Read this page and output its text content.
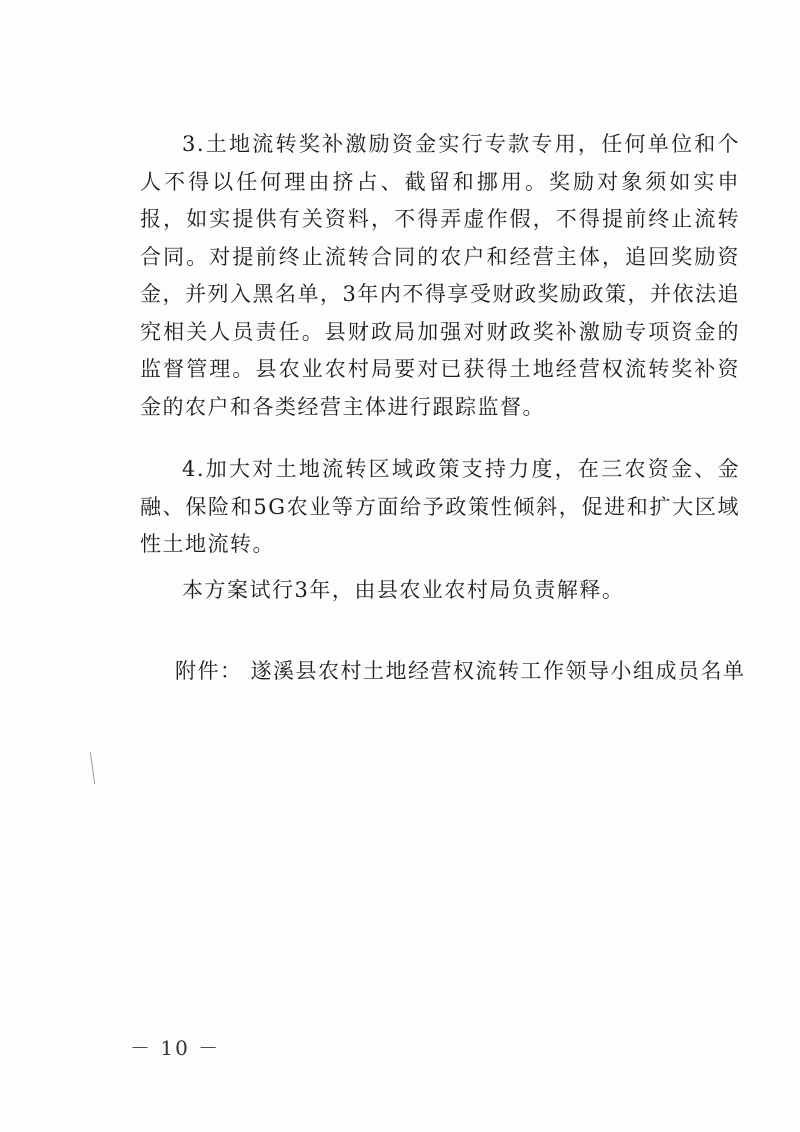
3.土地流转奖补激励资金实行专款专用，任何单位和个人不得以任何理由挤占、截留和挪用。奖励对象须如实申报，如实提供有关资料，不得弄虚作假，不得提前终止流转合同。对提前终止流转合同的农户和经营主体，追回奖励资金，并列入黑名单，3年内不得享受财政奖励政策，并依法追究相关人员责任。县财政局加强对财政奖补激励专项资金的监督管理。县农业农村局要对已获得土地经营权流转奖补资金的农户和各类经营主体进行跟踪监督。

4.加大对土地流转区域政策支持力度，在三农资金、金融、保险和5G农业等方面给予政策性倾斜，促进和扩大区域性土地流转。

本方案试行3年，由县农业农村局负责解释。

附件： 遂溪县农村土地经营权流转工作领导小组成员名单

－ 10 －
